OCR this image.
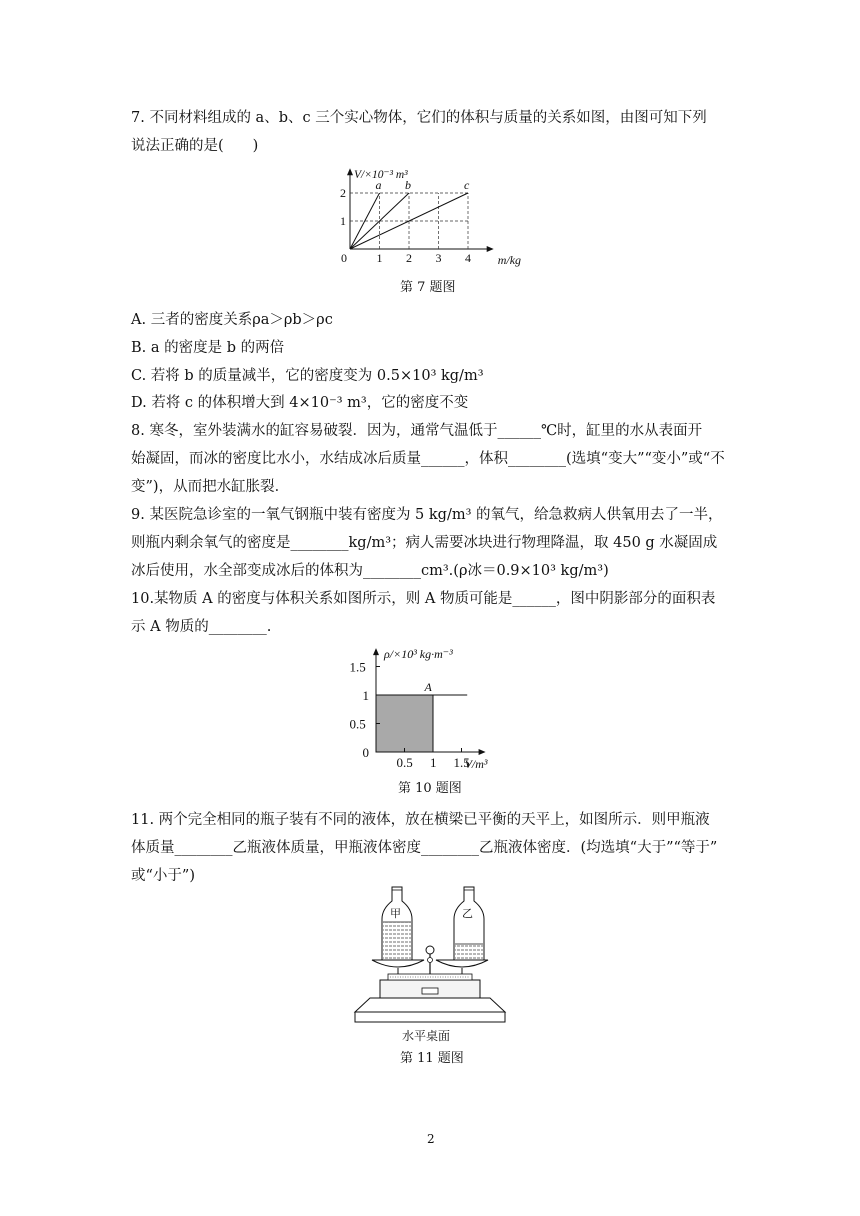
7. 不同材料组成的 a、b、c 三个实心物体，它们的体积与质量的关系如图，由图可知下列
说法正确的是(　　)
0 1 2 3 4
1
2
a b	c
V/×10⁻³ m³
m/kg
第 7 题图
A. 三者的密度关系ρa＞ρb＞ρc
B. a 的密度是 b 的两倍
C. 若将 b 的质量减半，它的密度变为 0.5×10³ kg/m³
D. 若将 c 的体积增大到 4×10⁻³ m³，它的密度不变
8. 寒冬，室外装满水的缸容易破裂．因为，通常气温低于______℃时，缸里的水从表面开
始凝固，而冰的密度比水小，水结成冰后质量______，体积________(选填“变大”“变小”或“不
变”)，从而把水缸胀裂．
9. 某医院急诊室的一氧气钢瓶中装有密度为 5 kg/m³ 的氧气，给急救病人供氧用去了一半，
则瓶内剩余氧气的密度是________kg/m³；病人需要冰块进行物理降温，取 450 g 水凝固成
冰后使用，水全部变成冰后的体积为________cm³.(ρ冰＝0.9×10³ kg/m³)
10.某物质 A 的密度与体积关系如图所示，则 A 物质可能是______，图中阴影部分的面积表
示 A 物质的________.
A
0.5 1 1.5
0
0.5
1
1.5
ρ/×10³ kg·m⁻³
V/m³
第 10 题图
11. 两个完全相同的瓶子装有不同的液体，放在横梁已平衡的天平上，如图所示．则甲瓶液
体质量________乙瓶液体质量，甲瓶液体密度________乙瓶液体密度．(均选填“大于”“等于”
或“小于”)
甲	乙
水平桌面
第 11 题图
2
